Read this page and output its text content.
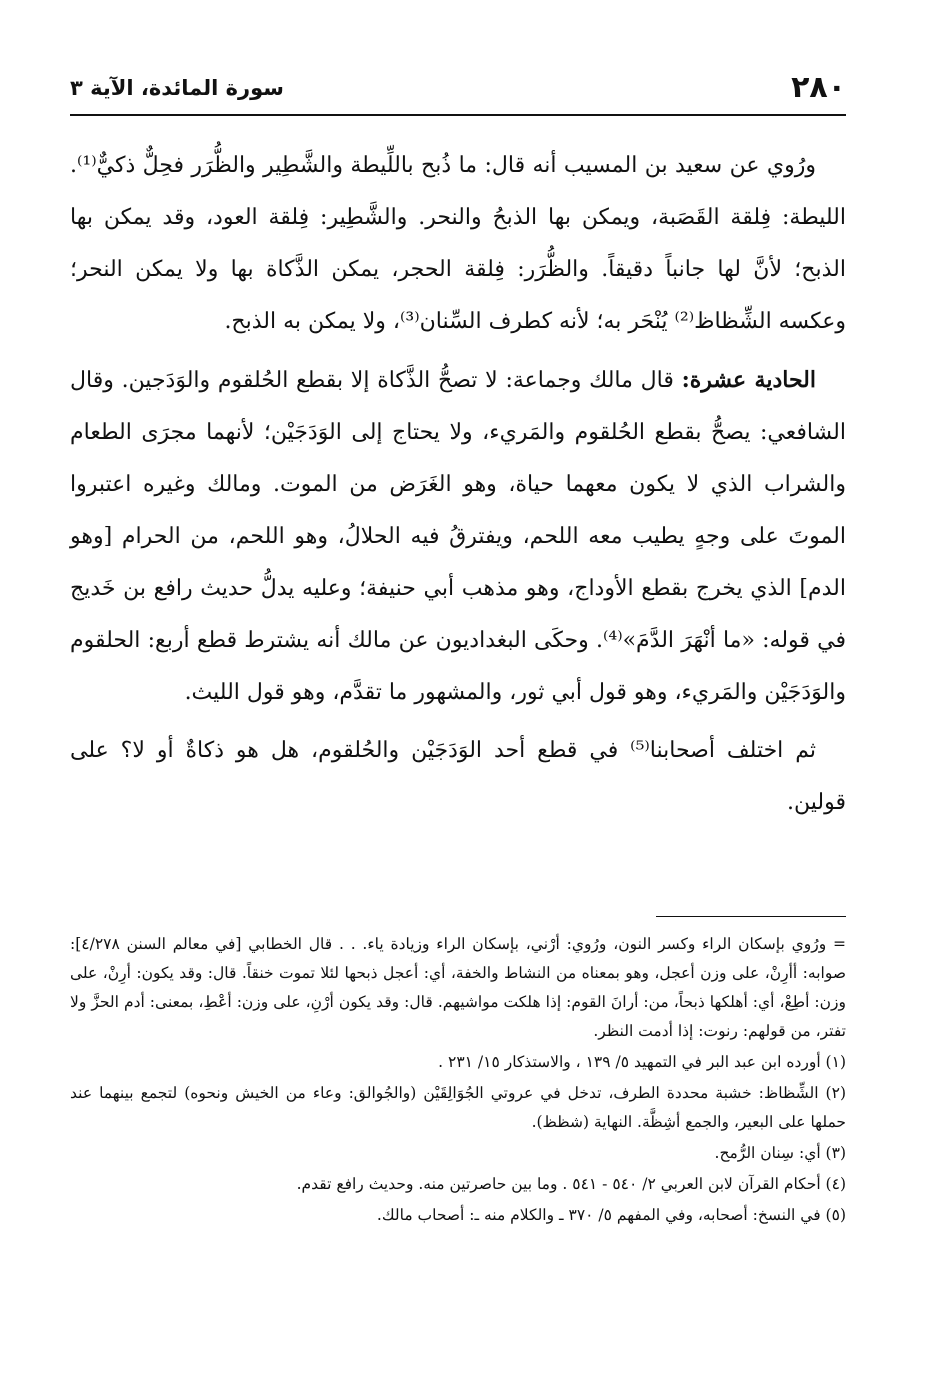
٢٨٠
سورة المائدة، الآية ٣

ورُوي عن سعيد بن المسيب أنه قال: ما ذُبح باللِّيطة والشَّطِير والظُّرَر فحِلٌّ ذكيٌّ⁽¹⁾. الليطة: فِلقة القَصَبة، ويمكن بها الذبحُ والنحر. والشَّطِير: فِلقة العود، وقد يمكن بها الذبح؛ لأنَّ لها جانباً دقيقاً. والظُّرَر: فِلقة الحجر، يمكن الذَّكاة بها ولا يمكن النحر؛ وعكسه الشِّظاظ⁽²⁾ يُنْحَر به؛ لأنه كطرف السِّنان⁽³⁾، ولا يمكن به الذبح.

الحادية عشرة: قال مالك وجماعة: لا تصحُّ الذَّكاة إلا بقطع الحُلقوم والوَدَجين. وقال الشافعي: يصحُّ بقطع الحُلقوم والمَريء، ولا يحتاج إلى الوَدَجَيْن؛ لأنهما مجرَى الطعام والشراب الذي لا يكون معهما حياة، وهو الغَرَض من الموت. ومالك وغيره اعتبروا الموتَ على وجهٍ يطيب معه اللحم، ويفترقُ فيه الحلالُ، وهو اللحم، من الحرام [وهو الدم] الذي يخرج بقطع الأوداج، وهو مذهب أبي حنيفة؛ وعليه يدلُّ حديث رافع بن خَديج في قوله: «ما أنْهَرَ الدَّمَ»⁽⁴⁾. وحكَى البغداديون عن مالك أنه يشترط قطع أربع: الحلقوم والوَدَجَيْن والمَريء، وهو قول أبي ثور، والمشهور ما تقدَّم، وهو قول الليث.

ثم اختلف أصحابنا⁽⁵⁾ في قطع أحد الوَدَجَيْن والحُلقوم، هل هو ذكاةٌ أو لا؟ على قولين.

= ورُوي بإسكان الراء وكسر النون، ورُوي: أرْني، بإسكان الراء وزيادة ياء. . . قال الخطابي [في معالم السنن ٤/٢٧٨]: صوابه: أأرِنْ، على وزن أعجل، وهو بمعناه من النشاط والخفة، أي: أعجل ذبحها لئلا تموت خنقاً. قال: وقد يكون: أرِنْ، على وزن: أطِعْ، أي: أهلكها ذبحاً، من: أرانَ القوم: إذا هلكت مواشيهم. قال: وقد يكون أرْنِ، على وزن: أعْطِ، بمعنى: أدم الحزَّ ولا تفتر، من قولهم: رنوت: إذا أدمت النظر.

(١) أورده ابن عبد البر في التمهيد ٥/ ١٣٩ ، والاستذكار ١٥/ ٢٣١ .

(٢) الشِّظاظ: خشبة محددة الطرف، تدخل في عروتي الجُوَالِقَيْن (والجُوالق: وعاء من الخيش ونحوه) لتجمع بينهما عند حملها على البعير، والجمع أشِظَّة. النهاية (شظظ).

(٣) أي: سِنان الرُّمح.

(٤) أحكام القرآن لابن العربي ٢/ ٥٤٠ - ٥٤١ . وما بين حاصرتين منه. وحديث رافع تقدم.

(٥) في النسخ: أصحابه، وفي المفهم ٥/ ٣٧٠ ـ والكلام منه ـ: أصحاب مالك.
